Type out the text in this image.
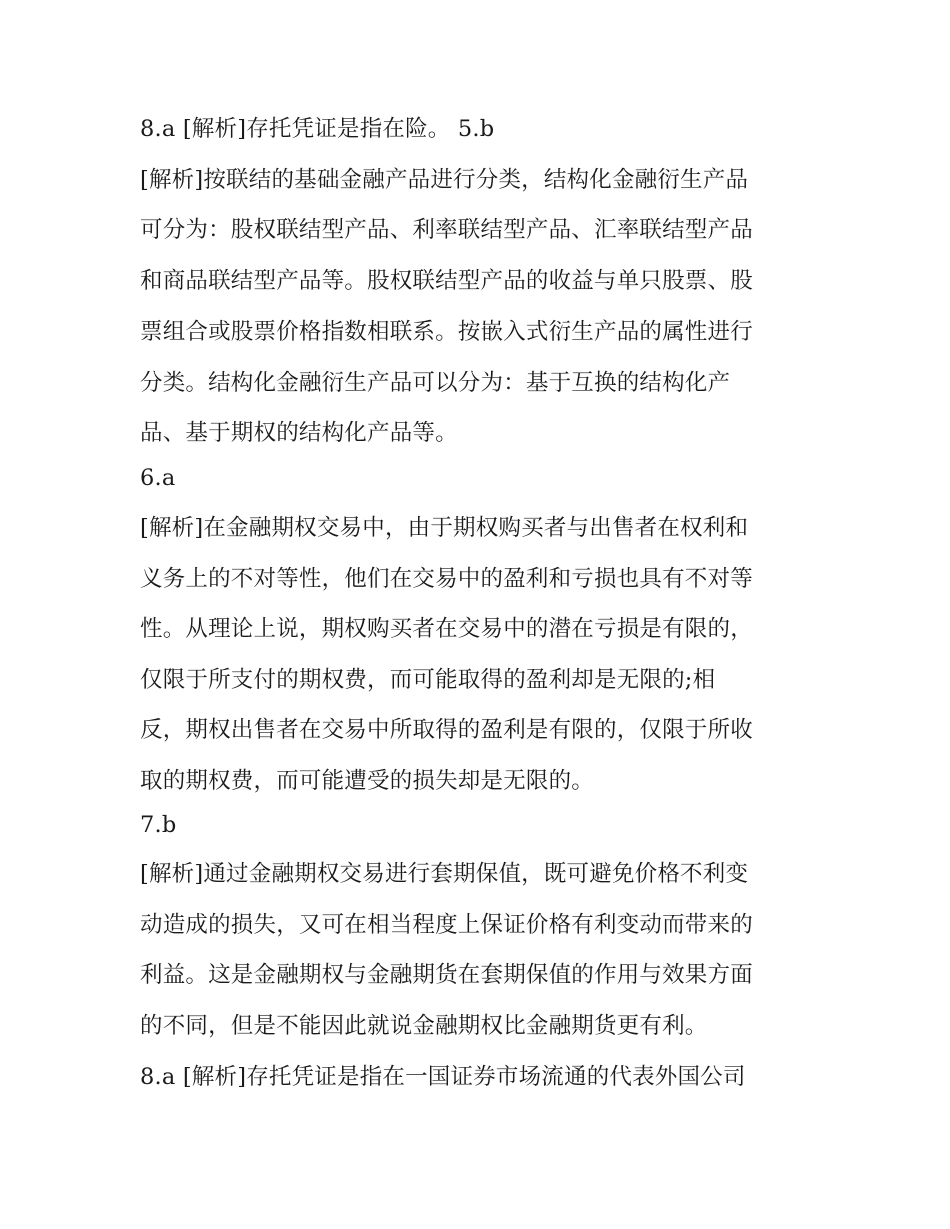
8.a [解析]存托凭证是指在险。 5.b
[解析]按联结的基础金融产品进行分类，结构化金融衍生产品
可分为：股权联结型产品、利率联结型产品、汇率联结型产品
和商品联结型产品等。股权联结型产品的收益与单只股票、股
票组合或股票价格指数相联系。按嵌入式衍生产品的属性进行
分类。结构化金融衍生产品可以分为：基于互换的结构化产
品、基于期权的结构化产品等。
6.a
[解析]在金融期权交易中，由于期权购买者与出售者在权利和
义务上的不对等性，他们在交易中的盈利和亏损也具有不对等
性。从理论上说，期权购买者在交易中的潜在亏损是有限的，
仅限于所支付的期权费，而可能取得的盈利却是无限的;相
反，期权出售者在交易中所取得的盈利是有限的，仅限于所收
取的期权费，而可能遭受的损失却是无限的。
7.b
[解析]通过金融期权交易进行套期保值，既可避免价格不利变
动造成的损失，又可在相当程度上保证价格有利变动而带来的
利益。这是金融期权与金融期货在套期保值的作用与效果方面
的不同，但是不能因此就说金融期权比金融期货更有利。
8.a [解析]存托凭证是指在一国证券市场流通的代表外国公司
